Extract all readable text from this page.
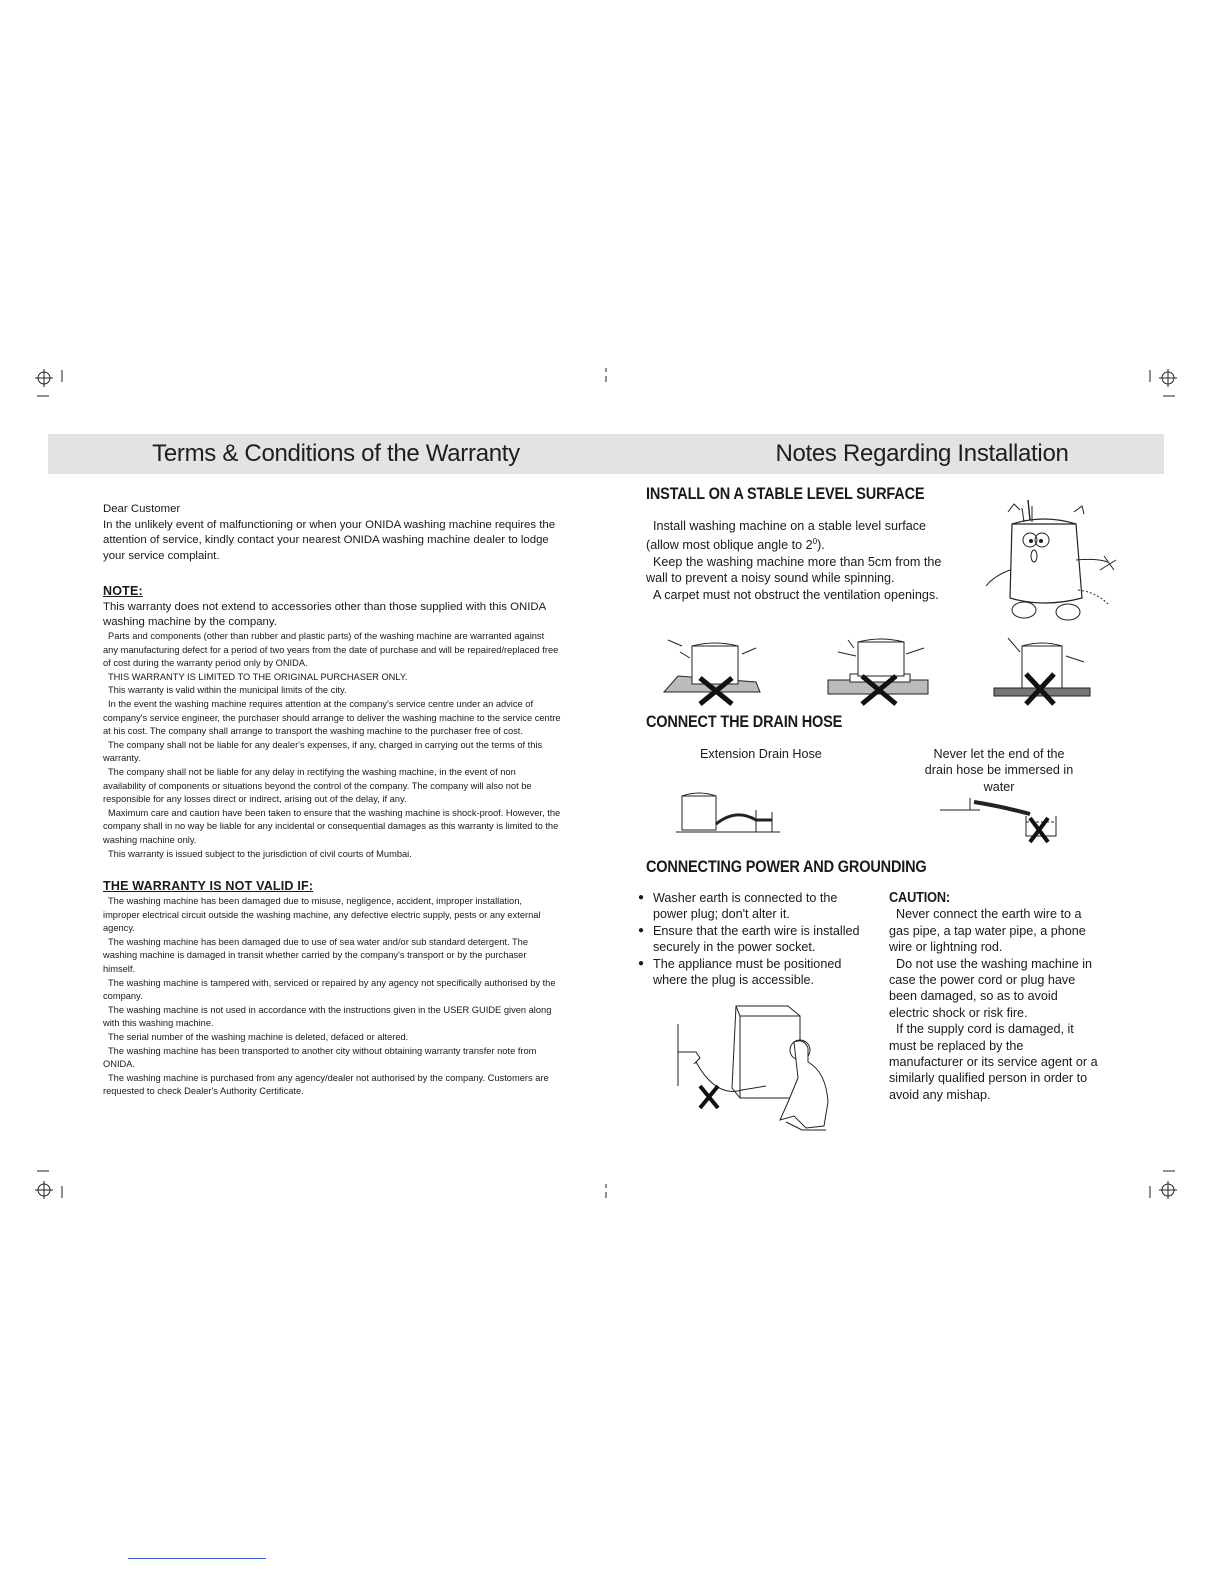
Terms & Conditions of the Warranty	Notes Regarding Installation

Dear Customer

In the unlikely event of malfunctioning or when your ONIDA washing machine requires the attention of service, kindly contact your nearest ONIDA washing machine dealer to lodge your service complaint.

NOTE:

This warranty does not extend to accessories other than those supplied with this ONIDA washing machine by the company.

Parts and components (other than rubber and plastic parts) of the washing machine are warranted against any manufacturing defect for a period of two years from the date of purchase and will be repaired/replaced free of cost during the warranty period only by ONIDA.

THIS WARRANTY IS LIMITED TO THE ORIGINAL PURCHASER ONLY.

This warranty is valid within the municipal limits of the city.

In the event the washing machine requires attention at the company's service centre under an advice of company's service engineer, the purchaser should arrange to deliver the washing machine to the service centre at his cost. The company shall arrange to transport the washing machine to the purchaser free of cost.

The company shall not be liable for any dealer's expenses, if any, charged in carrying out the terms of this warranty.

The company shall not be liable for any delay in rectifying the washing machine, in the event of non availability of components or situations beyond the control of the company. The company will also not be responsible for any losses direct or indirect, arising out of the delay, if any.

Maximum care and caution have been taken to ensure that the washing machine is shock-proof. However, the company shall in no way be liable for any incidental or consequential damages as this warranty is limited to the washing machine only.

This warranty is issued subject to the jurisdiction of civil courts of Mumbai.

THE WARRANTY IS NOT VALID IF:

The washing machine has been damaged due to misuse, negligence, accident, improper installation, improper electrical circuit outside the washing machine, any defective electric supply, pests or any external agency.

The washing machine has been damaged due to use of sea water and/or sub standard detergent. The washing machine is damaged in transit whether carried by the company's transport or by the purchaser himself.

The washing machine is tampered with, serviced or repaired by any agency not specifically authorised by the company.

The washing machine is not used in accordance with the instructions given in the USER GUIDE given along with this washing machine.

The serial number of the washing machine is deleted, defaced or altered.

The washing machine has been transported to another city without obtaining warranty transfer note from ONIDA.

The washing machine is purchased from any agency/dealer not authorised by the company. Customers are requested to check Dealer's Authority Certificate.

INSTALL ON A STABLE LEVEL SURFACE

Install washing machine on a stable level surface (allow most oblique angle to $2^0$).

Keep the washing machine more than 5cm from the wall to prevent a noisy sound while spinning.

A carpet must not obstruct the ventilation openings.

CONNECT THE DRAIN HOSE
Extension Drain Hose	Never let the end of the drain hose be immersed in water
CONNECTING POWER AND GROUNDING
● Washer earth is connected to the power plug; don't alter it.
● Ensure that the earth wire is installed securely in the power socket.
● The appliance must be positioned where the plug is accessible.
CAUTION:

Never connect the earth wire to a gas pipe, a tap water pipe, a phone wire or lightning rod.

Do not use the washing machine in case the power cord or plug have been damaged, so as to avoid electric shock or risk fire.

If the supply cord is damaged, it must be replaced by the manufacturer or its service agent or a similarly qualified person in order to avoid any mishap.
